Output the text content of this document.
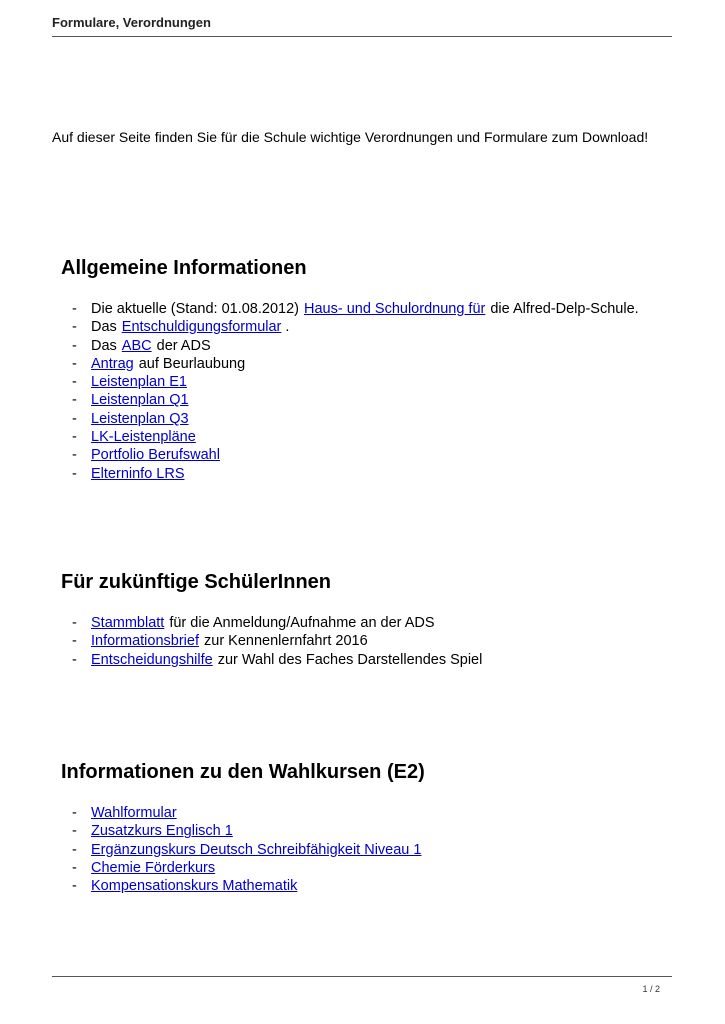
Formulare, Verordnungen

Auf dieser Seite finden Sie für die Schule wichtige Verordnungen und Formulare zum Download!

Allgemeine Informationen
- Die aktuelle (Stand: 01.08.2012) Haus- und Schulordnung für die Alfred-Delp-Schule.
- Das Entschuldigungsformular .
- Das ABC der ADS
- Antrag auf Beurlaubung
- Leistenplan E1
- Leistenplan Q1
- Leistenplan Q3
- LK-Leistenpläne
- Portfolio Berufswahl
- Elterninfo LRS
Für zukünftige SchülerInnen
- Stammblatt für die Anmeldung/Aufnahme an der ADS
- Informationsbrief zur Kennenlernfahrt 2016
- Entscheidungshilfe zur Wahl des Faches Darstellendes Spiel
Informationen zu den Wahlkursen (E2)
- Wahlformular
- Zusatzkurs Englisch 1
- Ergänzungskurs Deutsch Schreibfähigkeit Niveau 1
- Chemie Förderkurs
- Kompensationskurs Mathematik
1 / 2
